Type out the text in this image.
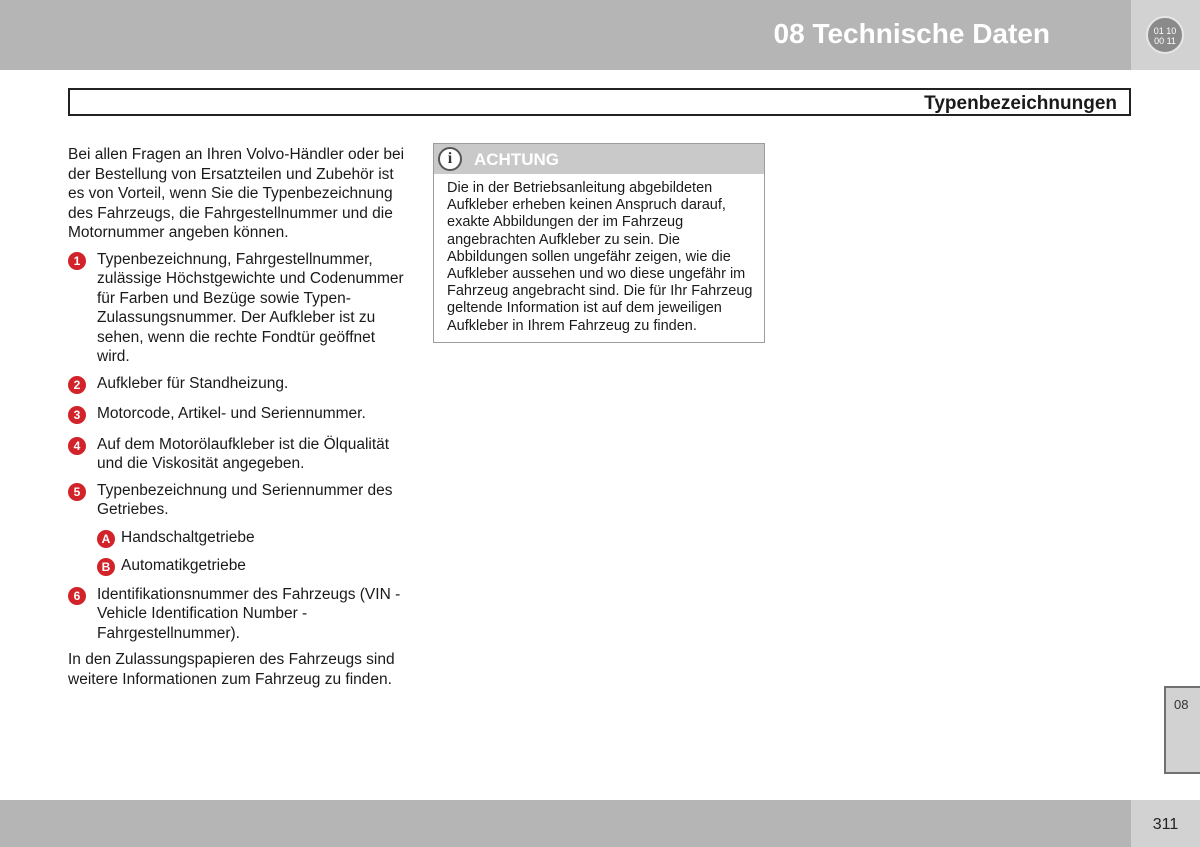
08 Technische Daten	01 10
00 11
Typenbezeichnungen

Bei allen Fragen an Ihren Volvo-Händler oder bei der Bestellung von Ersatzteilen und Zubehör ist es von Vorteil, wenn Sie die Typenbezeichnung des Fahrzeugs, die Fahrgestellnummer und die Motornummer angeben können.

1	Typenbezeichnung, Fahrgestellnummer, zulässige Höchstgewichte und Codenummer für Farben und Bezüge sowie Typen-Zulassungsnummer. Der Aufkleber ist zu sehen, wenn die rechte Fondtür geöffnet wird.
2	Aufkleber für Standheizung.
3	Motorcode, Artikel- und Seriennummer.
4	Auf dem Motorölaufkleber ist die Ölqualität und die Viskosität angegeben.
5	Typenbezeichnung und Seriennummer des Getriebes.
A Handschaltgetriebe
B Automatikgetriebe
6	Identifikationsnummer des Fahrzeugs (VIN - Vehicle Identification Number - Fahrgestellnummer).

In den Zulassungspapieren des Fahrzeugs sind weitere Informationen zum Fahrzeug zu finden.

i	ACHTUNG
Die in der Betriebsanleitung abgebildeten Aufkleber erheben keinen Anspruch darauf, exakte Abbildungen der im Fahrzeug angebrachten Aufkleber zu sein. Die Abbildungen sollen ungefähr zeigen, wie die Aufkleber aussehen und wo diese ungefähr im Fahrzeug angebracht sind. Die für Ihr Fahrzeug geltende Information ist auf dem jeweiligen Aufkleber in Ihrem Fahrzeug zu finden.
08
311
